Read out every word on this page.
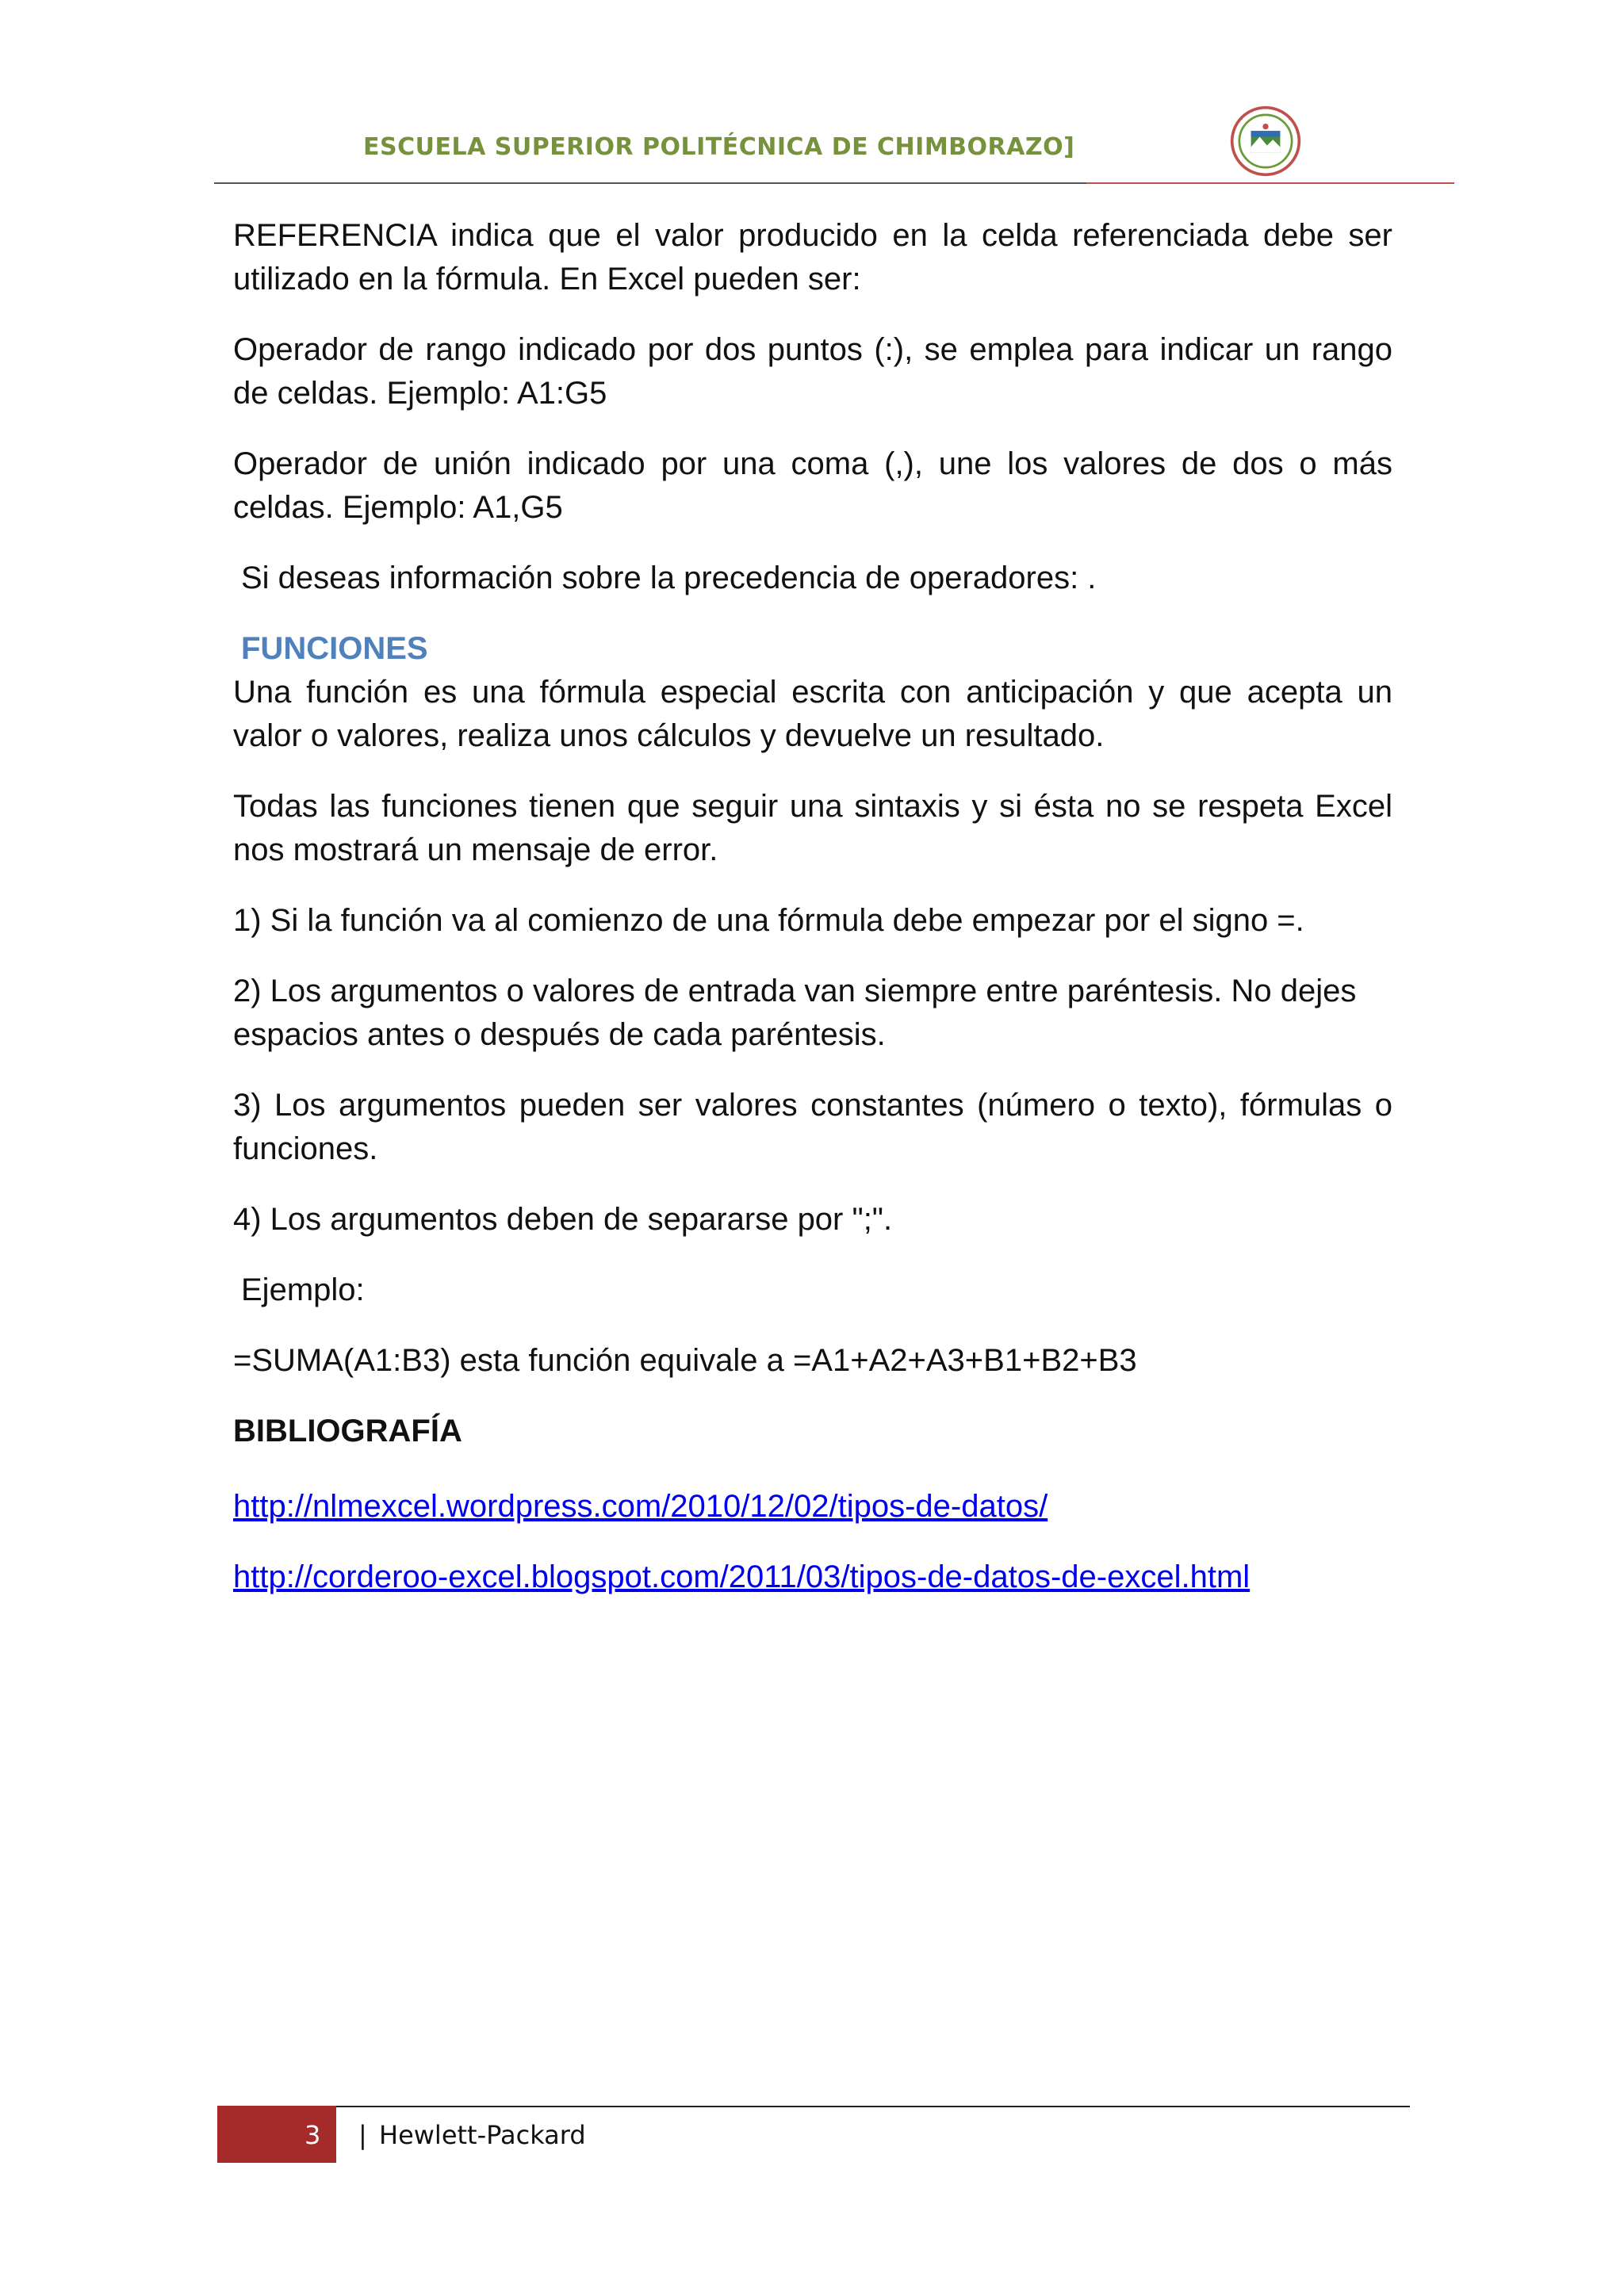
ESCUELA SUPERIOR POLITÉCNICA DE CHIMBORAZO]

REFERENCIA indica que el valor producido en la celda referenciada debe ser utilizado en la fórmula. En Excel pueden ser:

Operador de rango indicado por dos puntos (:), se emplea para indicar un rango de celdas. Ejemplo: A1:G5

Operador de unión indicado por una coma (,), une los valores de dos o más celdas. Ejemplo: A1,G5

Si deseas información sobre la precedencia de operadores: .

FUNCIONES

Una función es una fórmula especial escrita con anticipación y que acepta un valor o valores, realiza unos cálculos y devuelve un resultado.

Todas las funciones tienen que seguir una sintaxis y si ésta no se respeta Excel nos mostrará un mensaje de error.

1) Si la función va al comienzo de una fórmula debe empezar por el signo =.

2) Los argumentos o valores de entrada van siempre entre paréntesis. No dejes espacios antes o después de cada paréntesis.

3) Los argumentos pueden ser valores constantes (número o texto), fórmulas o funciones.

4) Los argumentos deben de separarse por ";".

Ejemplo:

=SUMA(A1:B3) esta función equivale a =A1+A2+A3+B1+B2+B3

BIBLIOGRAFÍA
http://nlmexcel.wordpress.com/2010/12/02/tipos-de-datos/
http://corderoo-excel.blogspot.com/2011/03/tipos-de-datos-de-excel.html
3 | Hewlett-Packard
